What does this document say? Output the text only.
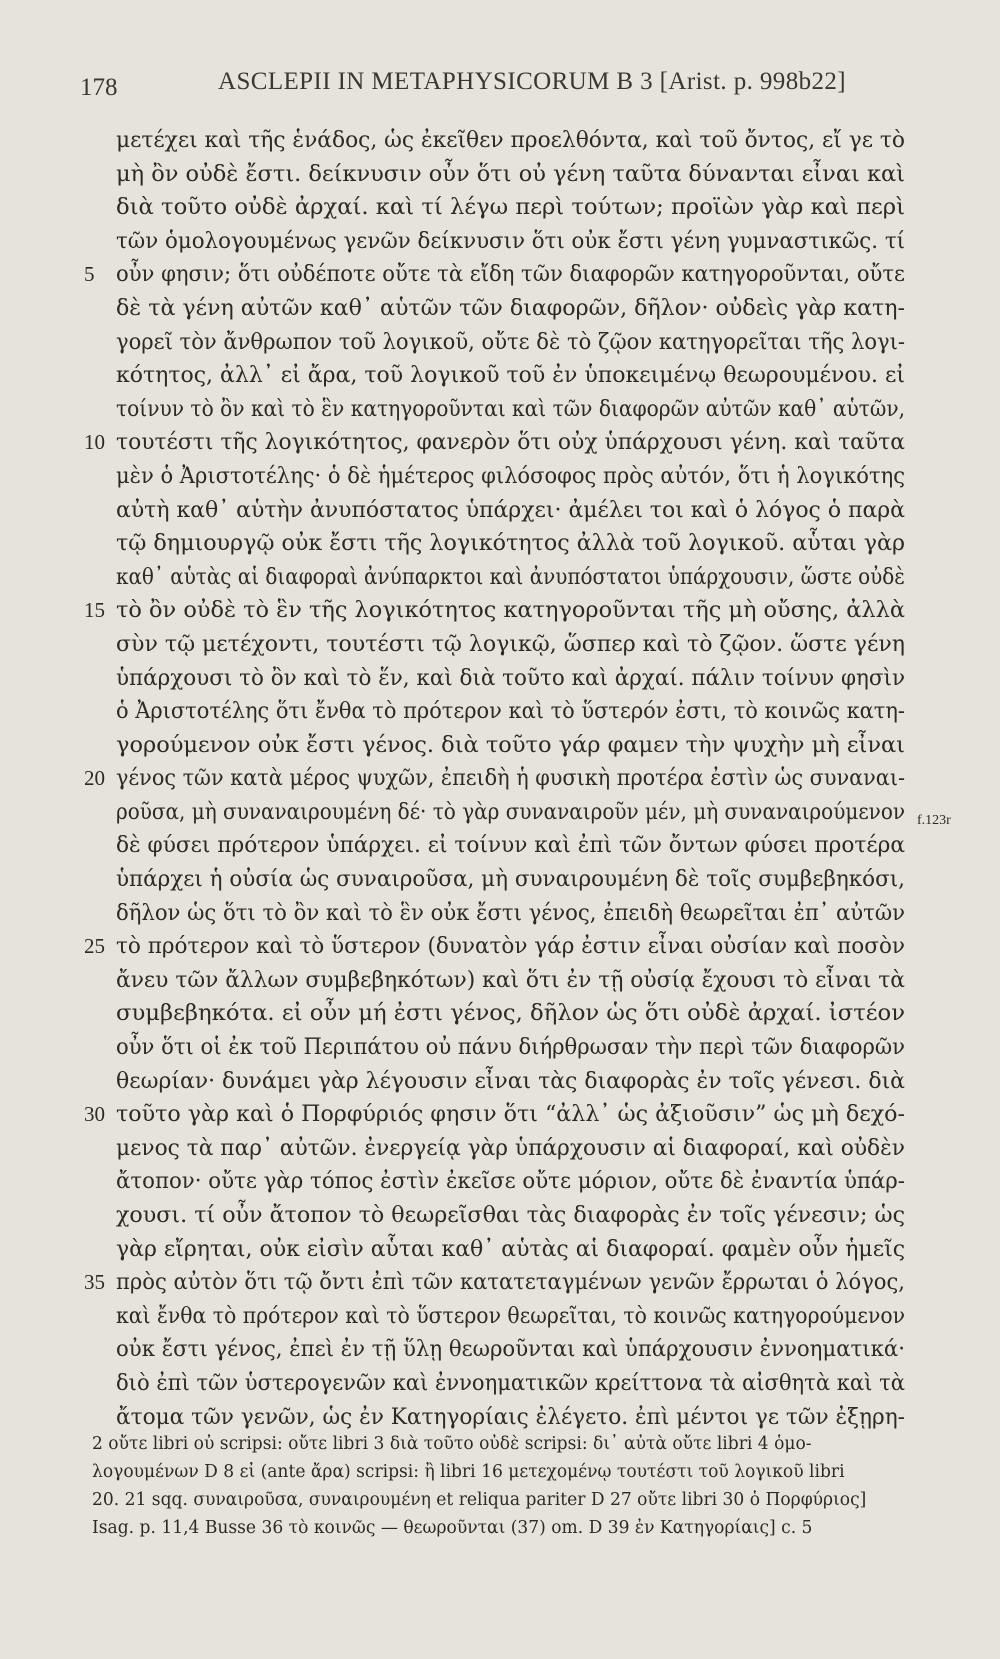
178	ASCLEPII IN METAPHYSICORUM B 3 [Arist. p. 998b22]
μετέχει καὶ τῆς ἑνάδος, ὡς ἐκεῖθεν προελθόντα, καὶ τοῦ ὄντος, εἴ γε τὸ
μὴ ὂν οὐδὲ ἔστι. δείκνυσιν οὖν ὅτι οὐ γένη ταῦτα δύνανται εἶναι καὶ
διὰ τοῦτο οὐδὲ ἀρχαί. καὶ τί λέγω περὶ τούτων; προϊὼν γὰρ καὶ περὶ
τῶν ὁμολογουμένως γενῶν δείκνυσιν ὅτι οὐκ ἔστι γένη γυμναστικῶς. τί
5 οὖν φησιν; ὅτι οὐδέποτε οὔτε τὰ εἴδη τῶν διαφορῶν κατηγοροῦνται, οὔτε
δὲ τὰ γένη αὐτῶν καθ᾽ αὑτῶν τῶν διαφορῶν, δῆλον· οὐδεὶς γὰρ κατη-
γορεῖ τὸν ἄνθρωπον τοῦ λογικοῦ, οὔτε δὲ τὸ ζῷον κατηγορεῖται τῆς λογι-
κότητος, ἀλλ᾽ εἰ ἄρα, τοῦ λογικοῦ τοῦ ἐν ὑποκειμένῳ θεωρουμένου. εἰ
τοίνυν τὸ ὂν καὶ τὸ ἓν κατηγοροῦνται καὶ τῶν διαφορῶν αὐτῶν καθ᾽ αὑτῶν,
10 τουτέστι τῆς λογικότητος, φανερὸν ὅτι οὐχ ὑπάρχουσι γένη. καὶ ταῦτα
μὲν ὁ Ἀριστοτέλης· ὁ δὲ ἡμέτερος φιλόσοφος πρὸς αὐτόν, ὅτι ἡ λογικότης
αὐτὴ καθ᾽ αὑτὴν ἀνυπόστατος ὑπάρχει· ἀμέλει τοι καὶ ὁ λόγος ὁ παρὰ
τῷ δημιουργῷ οὐκ ἔστι τῆς λογικότητος ἀλλὰ τοῦ λογικοῦ. αὗται γὰρ
καθ᾽ αὑτὰς αἱ διαφοραὶ ἀνύπαρκτοι καὶ ἀνυπόστατοι ὑπάρχουσιν, ὥστε οὐδὲ
15 τὸ ὂν οὐδὲ τὸ ἓν τῆς λογικότητος κατηγοροῦνται τῆς μὴ οὔσης, ἀλλὰ
σὺν τῷ μετέχοντι, τουτέστι τῷ λογικῷ, ὥσπερ καὶ τὸ ζῷον. ὥστε γένη
ὑπάρχουσι τὸ ὂν καὶ τὸ ἕν, καὶ διὰ τοῦτο καὶ ἀρχαί. πάλιν τοίνυν φησὶν
ὁ Ἀριστοτέλης ὅτι ἔνθα τὸ πρότερον καὶ τὸ ὕστερόν ἐστι, τὸ κοινῶς κατη-
γορούμενον οὐκ ἔστι γένος. διὰ τοῦτο γάρ φαμεν τὴν ψυχὴν μὴ εἶναι
20 γένος τῶν κατὰ μέρος ψυχῶν, ἐπειδὴ ἡ φυσικὴ προτέρα ἐστὶν ὡς συναναι-
ροῦσα, μὴ συναναιρουμένη δέ· τὸ γὰρ συναναιροῦν μέν, μὴ συναναιρούμενον
δὲ φύσει πρότερον ὑπάρχει. εἰ τοίνυν καὶ ἐπὶ τῶν ὄντων φύσει προτέρα
ὑπάρχει ἡ οὐσία ὡς συναιροῦσα, μὴ συναιρουμένη δὲ τοῖς συμβεβηκόσι,
δῆλον ὡς ὅτι τὸ ὂν καὶ τὸ ἓν οὐκ ἔστι γένος, ἐπειδὴ θεωρεῖται ἐπ᾽ αὐτῶν
25 τὸ πρότερον καὶ τὸ ὕστερον (δυνατὸν γάρ ἐστιν εἶναι οὐσίαν καὶ ποσὸν
ἄνευ τῶν ἄλλων συμβεβηκότων) καὶ ὅτι ἐν τῇ οὐσίᾳ ἔχουσι τὸ εἶναι τὰ
συμβεβηκότα. εἰ οὖν μή ἐστι γένος, δῆλον ὡς ὅτι οὐδὲ ἀρχαί. ἰστέον
οὖν ὅτι οἱ ἐκ τοῦ Περιπάτου οὐ πάνυ διήρθρωσαν τὴν περὶ τῶν διαφορῶν
θεωρίαν· δυνάμει γὰρ λέγουσιν εἶναι τὰς διαφορὰς ἐν τοῖς γένεσι. διὰ
30 τοῦτο γὰρ καὶ ὁ Πορφύριός φησιν ὅτι “ἀλλ᾽ ὡς ἀξιοῦσιν” ὡς μὴ δεχό-
μενος τὰ παρ᾽ αὐτῶν. ἐνεργείᾳ γὰρ ὑπάρχουσιν αἱ διαφοραί, καὶ οὐδὲν
ἄτοπον· οὔτε γὰρ τόπος ἐστὶν ἐκεῖσε οὔτε μόριον, οὔτε δὲ ἐναντία ὑπάρ-
χουσι. τί οὖν ἄτοπον τὸ θεωρεῖσθαι τὰς διαφορὰς ἐν τοῖς γένεσιν; ὡς
γὰρ εἴρηται, οὐκ εἰσὶν αὗται καθ᾽ αὑτὰς αἱ διαφοραί. φαμὲν οὖν ἡμεῖς
35 πρὸς αὐτὸν ὅτι τῷ ὄντι ἐπὶ τῶν κατατεταγμένων γενῶν ἔρρωται ὁ λόγος,
καὶ ἔνθα τὸ πρότερον καὶ τὸ ὕστερον θεωρεῖται, τὸ κοινῶς κατηγορούμενον
οὐκ ἔστι γένος, ἐπεὶ ἐν τῇ ὕλῃ θεωροῦνται καὶ ὑπάρχουσιν ἐννοηματικά·
διὸ ἐπὶ τῶν ὑστερογενῶν καὶ ἐννοηματικῶν κρείττονα τὰ αἰσθητὰ καὶ τὰ
ἄτομα τῶν γενῶν, ὡς ἐν Κατηγορίαις ἐλέγετο. ἐπὶ μέντοι γε τῶν ἐξῃρη-
f.123r
2 οὔτε libri οὐ scripsi: οὔτε libri 3 διὰ τοῦτο οὐδὲ scripsi: δι᾽ αὐτὰ οὔτε libri 4 ὁμο-
λογουμένων D 8 εἰ (ante ἄρα) scripsi: ἢ libri 16 μετεχομένῳ τουτέστι τοῦ λογικοῦ libri
20. 21 sqq. συναιροῦσα, συναιρουμένη et reliqua pariter D 27 οὔτε libri 30 ὁ Πορφύριος]
Isag. p. 11,4 Busse 36 τὸ κοινῶς — θεωροῦνται (37) om. D 39 ἐν Κατηγορίαις] c. 5
